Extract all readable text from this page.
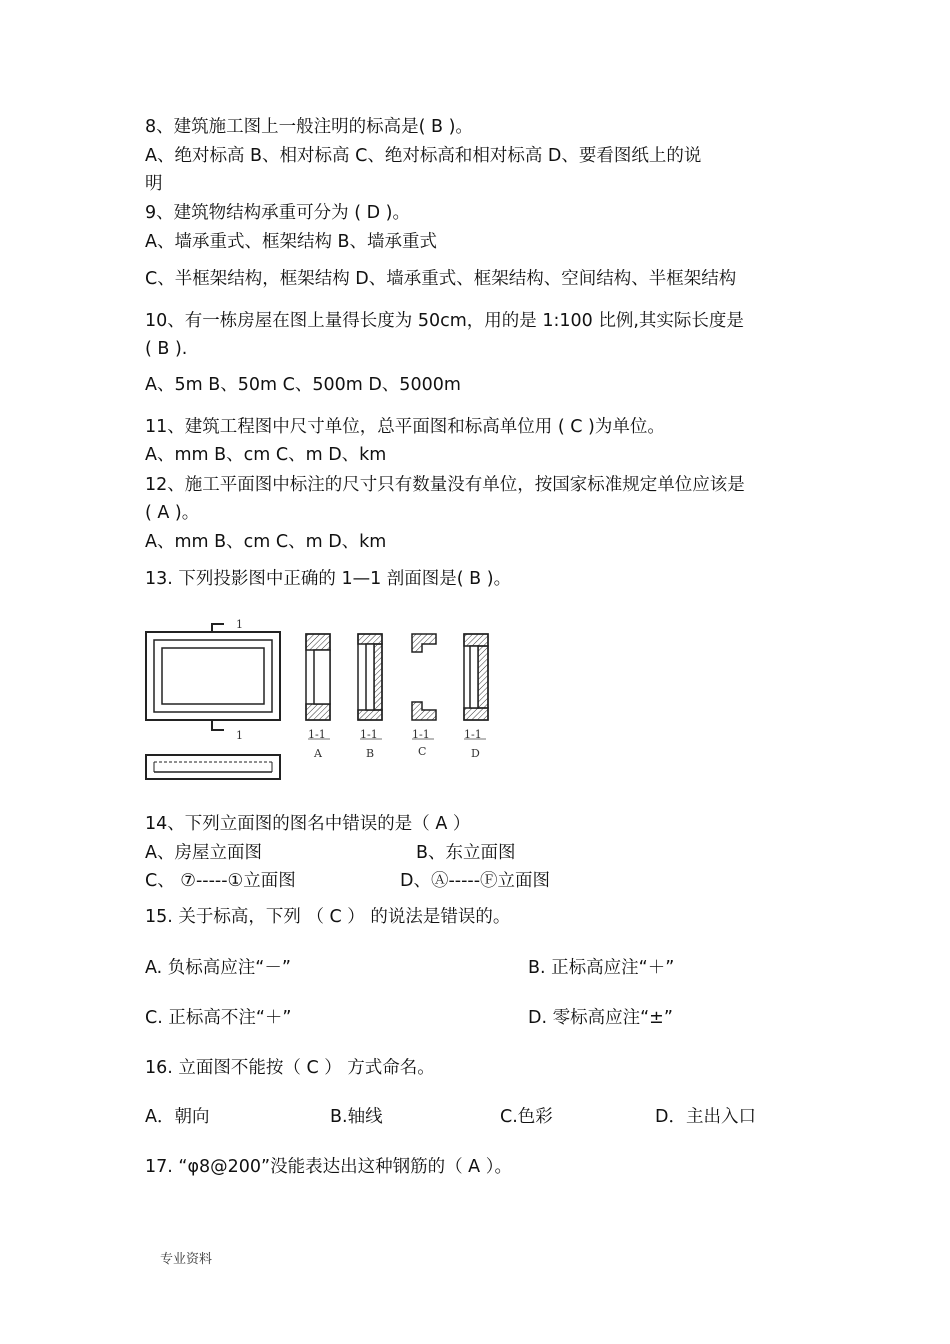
8、建筑施工图上一般注明的标高是( B )。
A、绝对标高 B、相对标高 C、绝对标高和相对标高 D、要看图纸上的说
明
9、建筑物结构承重可分为 ( D )。
A、墙承重式、框架结构 B、墙承重式
C、半框架结构，框架结构 D、墙承重式、框架结构、空间结构、半框架结构
10、有一栋房屋在图上量得长度为 50cm，用的是 1:100 比例,其实际长度是
( B ).
A、5m B、50m C、500m D、5000m
11、建筑工程图中尺寸单位，总平面图和标高单位用 ( C )为单位。
A、mm B、cm C、m D、km
12、施工平面图中标注的尺寸只有数量没有单位，按国家标准规定单位应该是
( A )。
A、mm B、cm C、m D、km
13. 下列投影图中正确的 1—1 剖面图是( B )。
1
1	1-1	1-1	1-1	1-1
A	B	C	D
14、下列立面图的图名中错误的是（ A ）
A、房屋立面图	B、东立面图
C、 ⑦-----①立面图	D、Ⓐ-----Ⓕ立面图
15. 关于标高，下列 （ C ） 的说法是错误的。
A. 负标高应注“－”	B. 正标高应注“＋”
C. 正标高不注“＋”	D. 零标高应注“±”
16. 立面图不能按（ C ） 方式命名。
A．朝向	B.轴线	C.色彩	D．主出入口
17. “φ8@200”没能表达出这种钢筋的（ A ）。
专业资料
